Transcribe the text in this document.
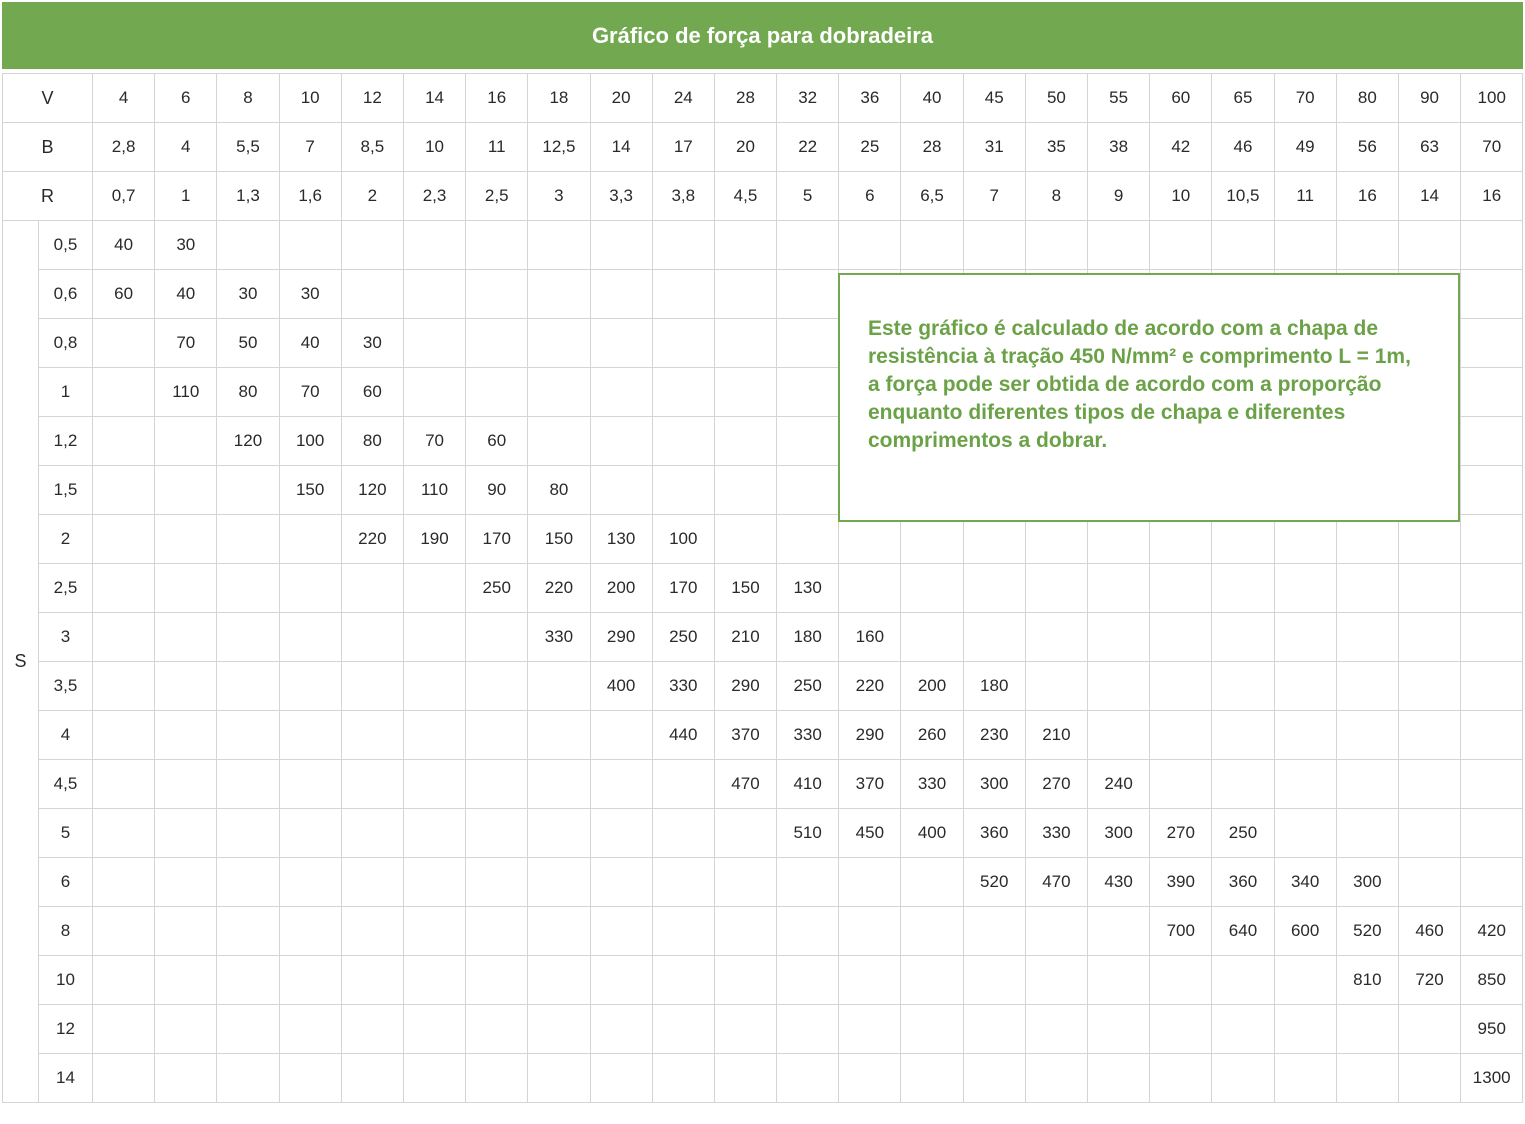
Gráfico de força para dobradeira
V		4	6	8	10	12	14	16	18	20	24	28	32	36	40	45	50	55	60	65	70	80	90	100
B		2,8	4	5,5	7	8,5	10	11	12,5	14	17	20	22	25	28	31	35	38	42	46	49	56	63	70
R		0,7	1	1,3	1,6	2	2,3	2,5	3	3,3	3,8	4,5	5	6	6,5	7	8	9	10	10,5	11	16	14	16
S	0,5	40	30																					
	0,6	60	40	30	30																			
	0,8		70	50	40	30																		
	1		110	80	70	60																		
	1,2			120	100	80	70	60																
	1,5				150	120	110	90	80															
	2					220	190	170	150	130	100													
	2,5							250	220	200	170	150	130											
	3								330	290	250	210	180	160										
	3,5									400	330	290	250	220	200	180								
	4										440	370	330	290	260	230	210							
	4,5											470	410	370	330	300	270	240						
	5												510	450	400	360	330	300	270	250				
	6															520	470	430	390	360	340	300		
	8																		700	640	600	520	460	420
	10																					810	720	850
	12																							950
	14																							1300
Este gráfico é calculado de acordo com a chapa de resistência à tração 450 N/mm² e comprimento L = 1m, a força pode ser obtida de acordo com a proporção enquanto diferentes tipos de chapa e diferentes comprimentos a dobrar.
